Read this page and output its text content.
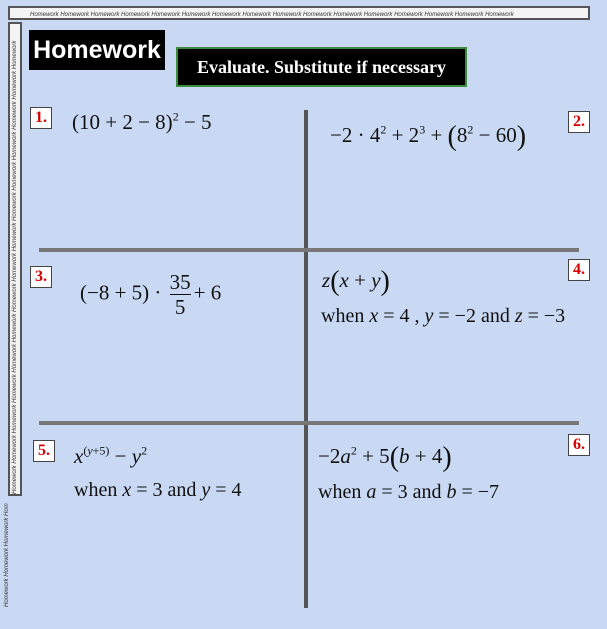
Homework Homework Homework Homework Homework Homework Homework Homework Homework Homework Homework Homework Homework Homework Homework Homework
Homework Homework Homework Homework Homework Homework Homework Homework Homework Homework Homework Homework Homework Homework Homework
Homework Homework Homework Hom
Homework
Evaluate. Substitute if necessary
1. $(10 + 2 - 8)^2 - 5$	2.
$-2 \cdot 4^2 + 2^3 + (8^2 - 60)$
3.
$(-8 + 5) \cdot \frac{35}{5} + 6$
4.
z(x + y)
when x = 4 , y = −2 and z = −3
5. $x^{(y+5)} - y^2$
when x = 3 and y = 4
6.
$-2a^2 + 5(b + 4)$
when a = 3 and b = −7
